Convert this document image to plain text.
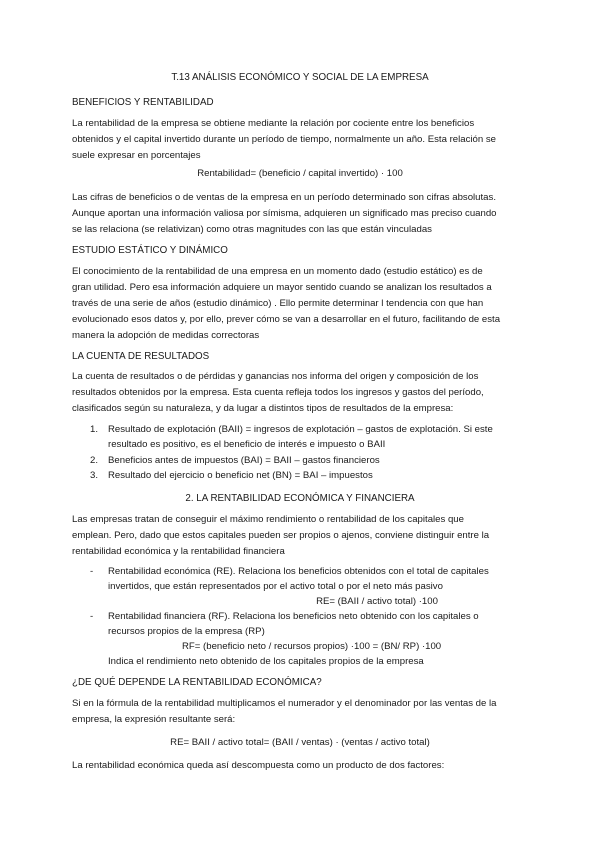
T.13 ANÁLISIS ECONÓMICO Y SOCIAL DE LA EMPRESA
BENEFICIOS Y RENTABILIDAD
La rentabilidad de la empresa se obtiene mediante la relación por cociente entre los beneficios
obtenidos y el capital invertido durante un período de tiempo, normalmente un año. Esta relación se
suele expresar en porcentajes
Rentabilidad= (beneficio / capital invertido) · 100
Las cifras de beneficios o de ventas de la empresa en un período determinado son cifras absolutas.
Aunque aportan una información valiosa por símisma, adquieren un significado mas preciso cuando
se las relaciona (se relativizan) como otras magnitudes con las que están vinculadas
ESTUDIO ESTÁTICO Y DINÁMICO
El conocimiento de la rentabilidad de una empresa en un momento dado (estudio estático) es de
gran utilidad. Pero esa información adquiere un mayor sentido cuando se analizan los resultados a
través de una serie de años (estudio dinámico) . Ello permite determinar l tendencia con que han
evolucionado esos datos y, por ello, prever cómo se van a desarrollar en el futuro, facilitando de esta
manera la adopción de medidas correctoras
LA CUENTA DE RESULTADOS
La cuenta de resultados o de pérdidas y ganancias nos informa del origen y composición de los
resultados obtenidos por la empresa. Esta cuenta refleja todos los ingresos y gastos del período,
clasificados según su naturaleza, y da lugar a distintos tipos de resultados de la empresa:
1. Resultado de explotación (BAII) = ingresos de explotación – gastos de explotación. Si este
resultado es positivo, es el beneficio de interés e impuesto o BAII
2. Beneficios antes de impuestos (BAI) = BAII – gastos financieros
3. Resultado del ejercicio o beneficio net (BN) = BAI – impuestos
2. LA RENTABILIDAD ECONÓMICA Y FINANCIERA
Las empresas tratan de conseguir el máximo rendimiento o rentabilidad de los capitales que
emplean. Pero, dado que estos capitales pueden ser propios o ajenos, conviene distinguir entre la
rentabilidad económica y la rentabilidad financiera
- Rentabilidad económica (RE). Relaciona los beneficios obtenidos con el total de capitales
invertidos, que están representados por el activo total o por el neto más pasivo
RE= (BAII / activo total) ·100
- Rentabilidad financiera (RF). Relaciona los beneficios neto obtenido con los capitales o
recursos propios de la empresa (RP)
RF= (beneficio neto / recursos propios) ·100 = (BN/ RP) ·100
Indica el rendimiento neto obtenido de los capitales propios de la empresa
¿DE QUÉ DEPENDE LA RENTABILIDAD ECONÓMICA?
Si en la fórmula de la rentabilidad multiplicamos el numerador y el denominador por las ventas de la
empresa, la expresión resultante será:
RE= BAII / activo total= (BAII / ventas) · (ventas / activo total)
La rentabilidad económica queda así descompuesta como un producto de dos factores:
